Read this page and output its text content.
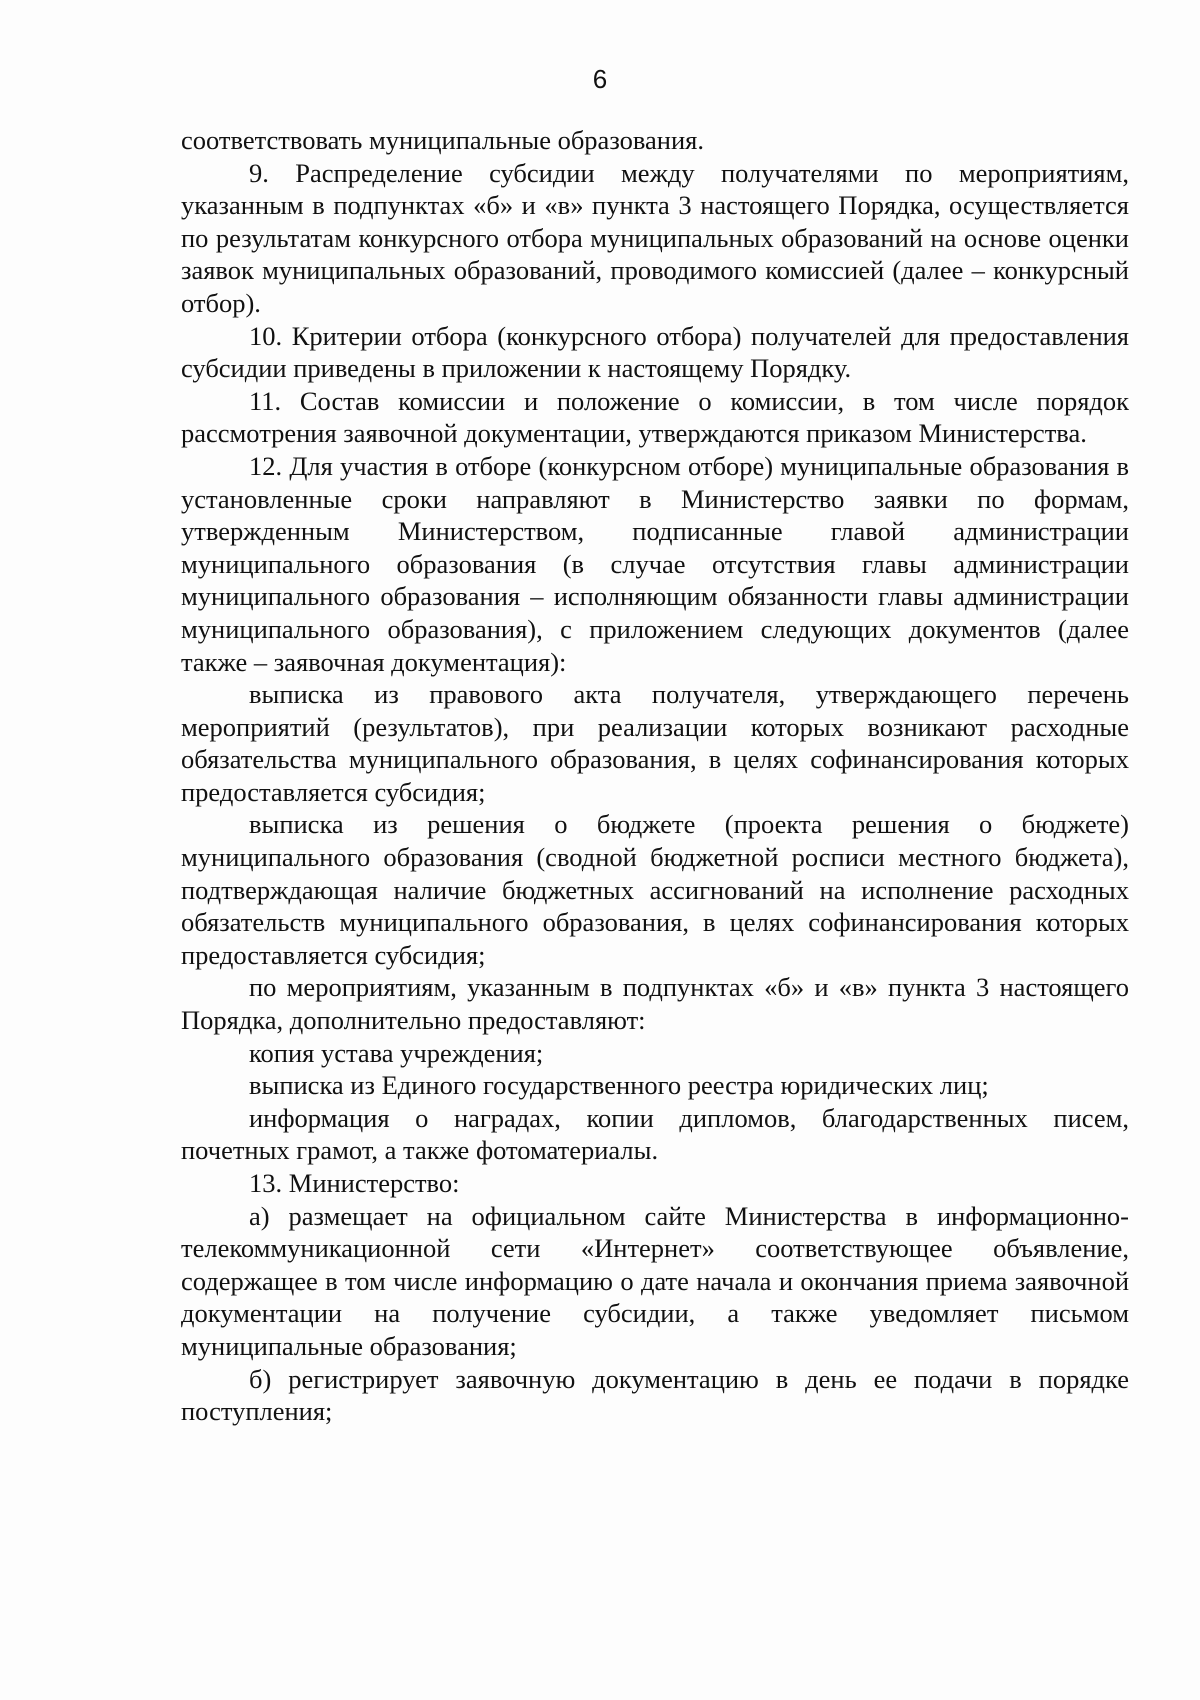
6

соответствовать муниципальные образования.

9. Распределение субсидии между получателями по мероприятиям, указанным в подпунктах «б» и «в» пункта 3 настоящего Порядка, осуществляется по результатам конкурсного отбора муниципальных образований на основе оценки заявок муниципальных образований, проводимого комиссией (далее – конкурсный отбор).

10. Критерии отбора (конкурсного отбора) получателей для предоставления субсидии приведены в приложении к настоящему Порядку.

11. Состав комиссии и положение о комиссии, в том числе порядок рассмотрения заявочной документации, утверждаются приказом Министерства.

12. Для участия в отборе (конкурсном отборе) муниципальные образования в установленные сроки направляют в Министерство заявки по формам, утвержденным Министерством, подписанные главой администрации муниципального образования (в случае отсутствия главы администрации муниципального образования – исполняющим обязанности главы администрации муниципального образования), с приложением следующих документов (далее также – заявочная документация):

выписка из правового акта получателя, утверждающего перечень мероприятий (результатов), при реализации которых возникают расходные обязательства муниципального образования, в целях софинансирования которых предоставляется субсидия;

выписка из решения о бюджете (проекта решения о бюджете) муниципального образования (сводной бюджетной росписи местного бюджета), подтверждающая наличие бюджетных ассигнований на исполнение расходных обязательств муниципального образования, в целях софинансирования которых предоставляется субсидия;

по мероприятиям, указанным в подпунктах «б» и «в» пункта 3 настоящего Порядка, дополнительно предоставляют:

копия устава учреждения;

выписка из Единого государственного реестра юридических лиц;

информация о наградах, копии дипломов, благодарственных писем, почетных грамот, а также фотоматериалы.

13. Министерство:

а) размещает на официальном сайте Министерства в информационно-телекоммуникационной сети «Интернет» соответствующее объявление, содержащее в том числе информацию о дате начала и окончания приема заявочной документации на получение субсидии, а также уведомляет письмом муниципальные образования;

б) регистрирует заявочную документацию в день ее подачи в порядке поступления;
